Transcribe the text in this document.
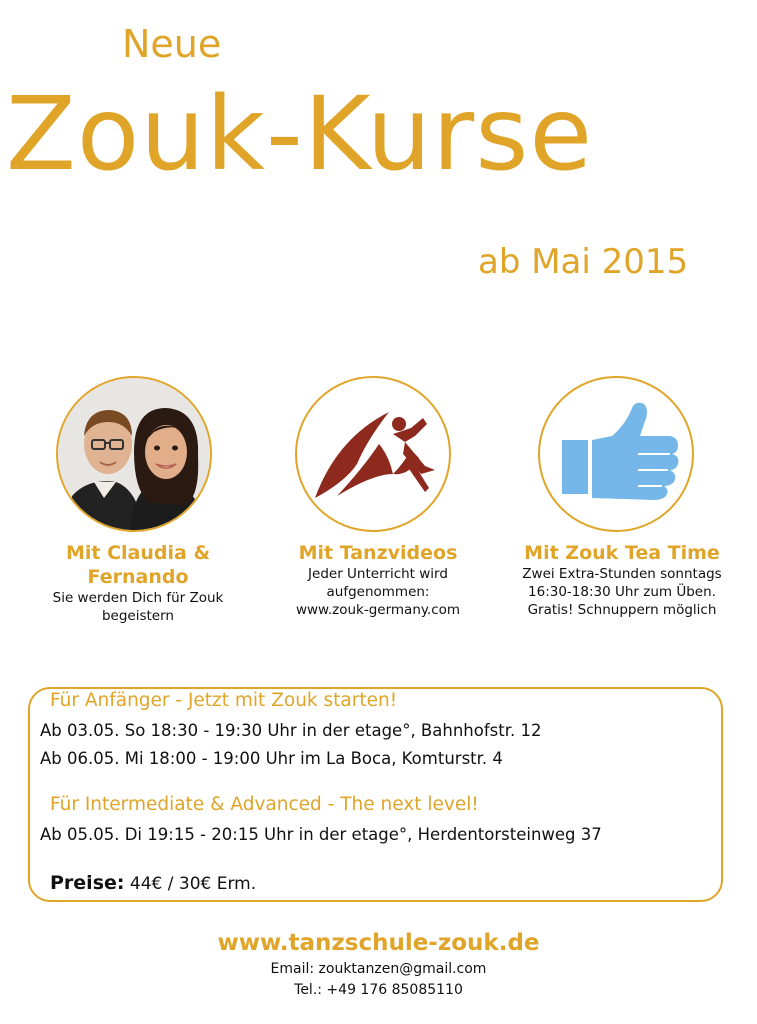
Neue
Zouk-Kurse
ab Mai 2015
Mit Claudia & Fernando
Sie werden Dich für Zouk begeistern
Mit Tanzvideos
Jeder Unterricht wird
aufgenommen:
www.zouk-germany.com
Mit Zouk Tea Time
Zwei Extra-Stunden sonntags
16:30-18:30 Uhr zum Üben.
Gratis! Schnuppern möglich
Für Anfänger - Jetzt mit Zouk starten!
Ab 03.05. So 18:30 - 19:30 Uhr in der etage°, Bahnhofstr. 12
Ab 06.05. Mi 18:00 - 19:00 Uhr im La Boca, Komturstr. 4
Für Intermediate & Advanced - The next level!
Ab 05.05. Di 19:15 - 20:15 Uhr in der etage°, Herdentorsteinweg 37
Preise: 44€ / 30€ Erm.
www.tanzschule-zouk.de
Email: zouktanzen@gmail.com
Tel.: +49 176 85085110
